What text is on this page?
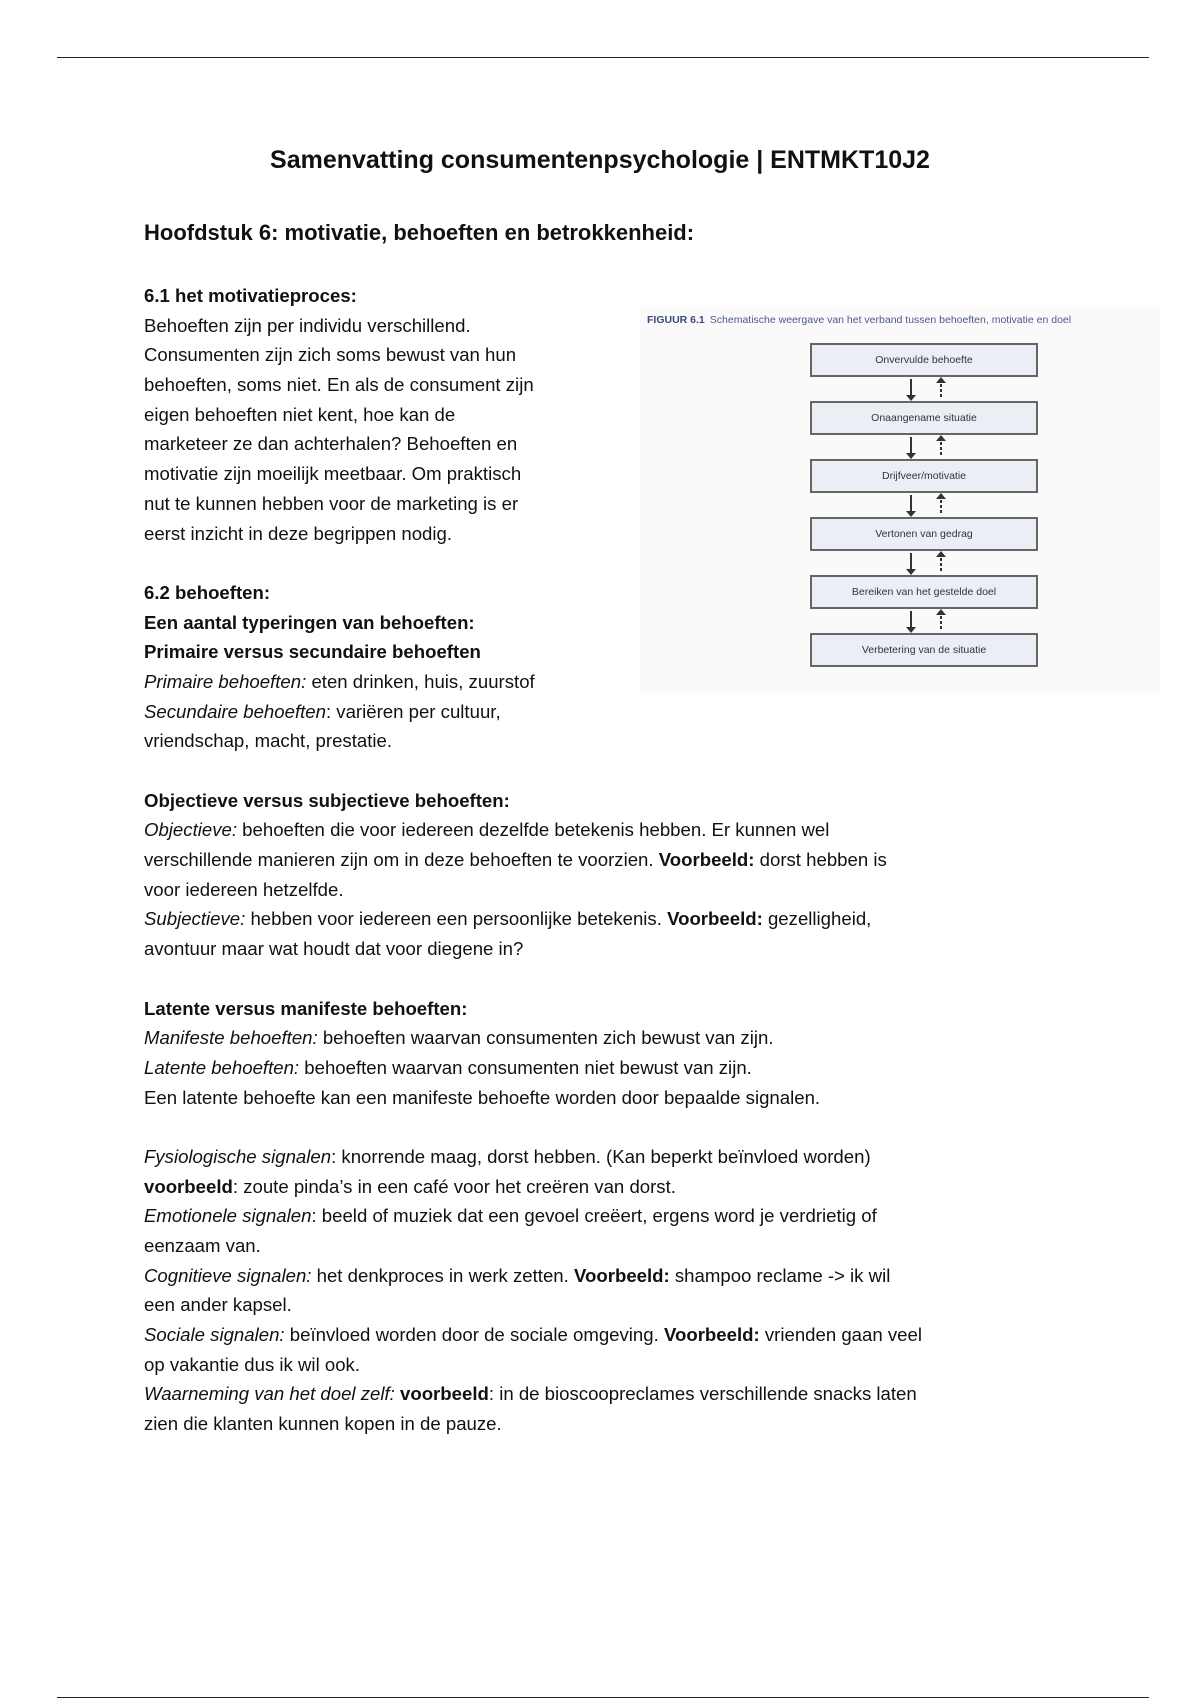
Samenvatting consumentenpsychologie | ENTMKT10J2
Hoofdstuk 6: motivatie, behoeften en betrokkenheid:
6.1 het motivatieproces:
Behoeften zijn per individu verschillend.
Consumenten zijn zich soms bewust van hun
behoeften, soms niet. En als de consument zijn
eigen behoeften niet kent, hoe kan de
marketeer ze dan achterhalen? Behoeften en
motivatie zijn moeilijk meetbaar. Om praktisch
nut te kunnen hebben voor de marketing is er
eerst inzicht in deze begrippen nodig.
6.2 behoeften:
Een aantal typeringen van behoeften:
Primaire versus secundaire behoeften
Primaire behoeften: eten drinken, huis, zuurstof
Secundaire behoeften: variëren per cultuur,
vriendschap, macht, prestatie.
Objectieve versus subjectieve behoeften:
Objectieve: behoeften die voor iedereen dezelfde betekenis hebben. Er kunnen wel
verschillende manieren zijn om in deze behoeften te voorzien. Voorbeeld: dorst hebben is
voor iedereen hetzelfde.
Subjectieve: hebben voor iedereen een persoonlijke betekenis. Voorbeeld: gezelligheid,
avontuur maar wat houdt dat voor diegene in?
Latente versus manifeste behoeften:
Manifeste behoeften: behoeften waarvan consumenten zich bewust van zijn.
Latente behoeften: behoeften waarvan consumenten niet bewust van zijn.
Een latente behoefte kan een manifeste behoefte worden door bepaalde signalen.
Fysiologische signalen: knorrende maag, dorst hebben. (Kan beperkt beïnvloed worden)
voorbeeld: zoute pinda’s in een café voor het creëren van dorst.
Emotionele signalen: beeld of muziek dat een gevoel creëert, ergens word je verdrietig of
eenzaam van.
Cognitieve signalen: het denkproces in werk zetten. Voorbeeld: shampoo reclame -> ik wil
een ander kapsel.
Sociale signalen: beïnvloed worden door de sociale omgeving. Voorbeeld: vrienden gaan veel
op vakantie dus ik wil ook.
Waarneming van het doel zelf: voorbeeld: in de bioscoopreclames verschillende snacks laten
zien die klanten kunnen kopen in de pauze.
FIGUUR 6.1 Schematische weergave van het verband tussen behoeften, motivatie en doel
Onvervulde behoefte
Onaangename situatie
Drijfveer/motivatie
Vertonen van gedrag
Bereiken van het gestelde doel
Verbetering van de situatie
